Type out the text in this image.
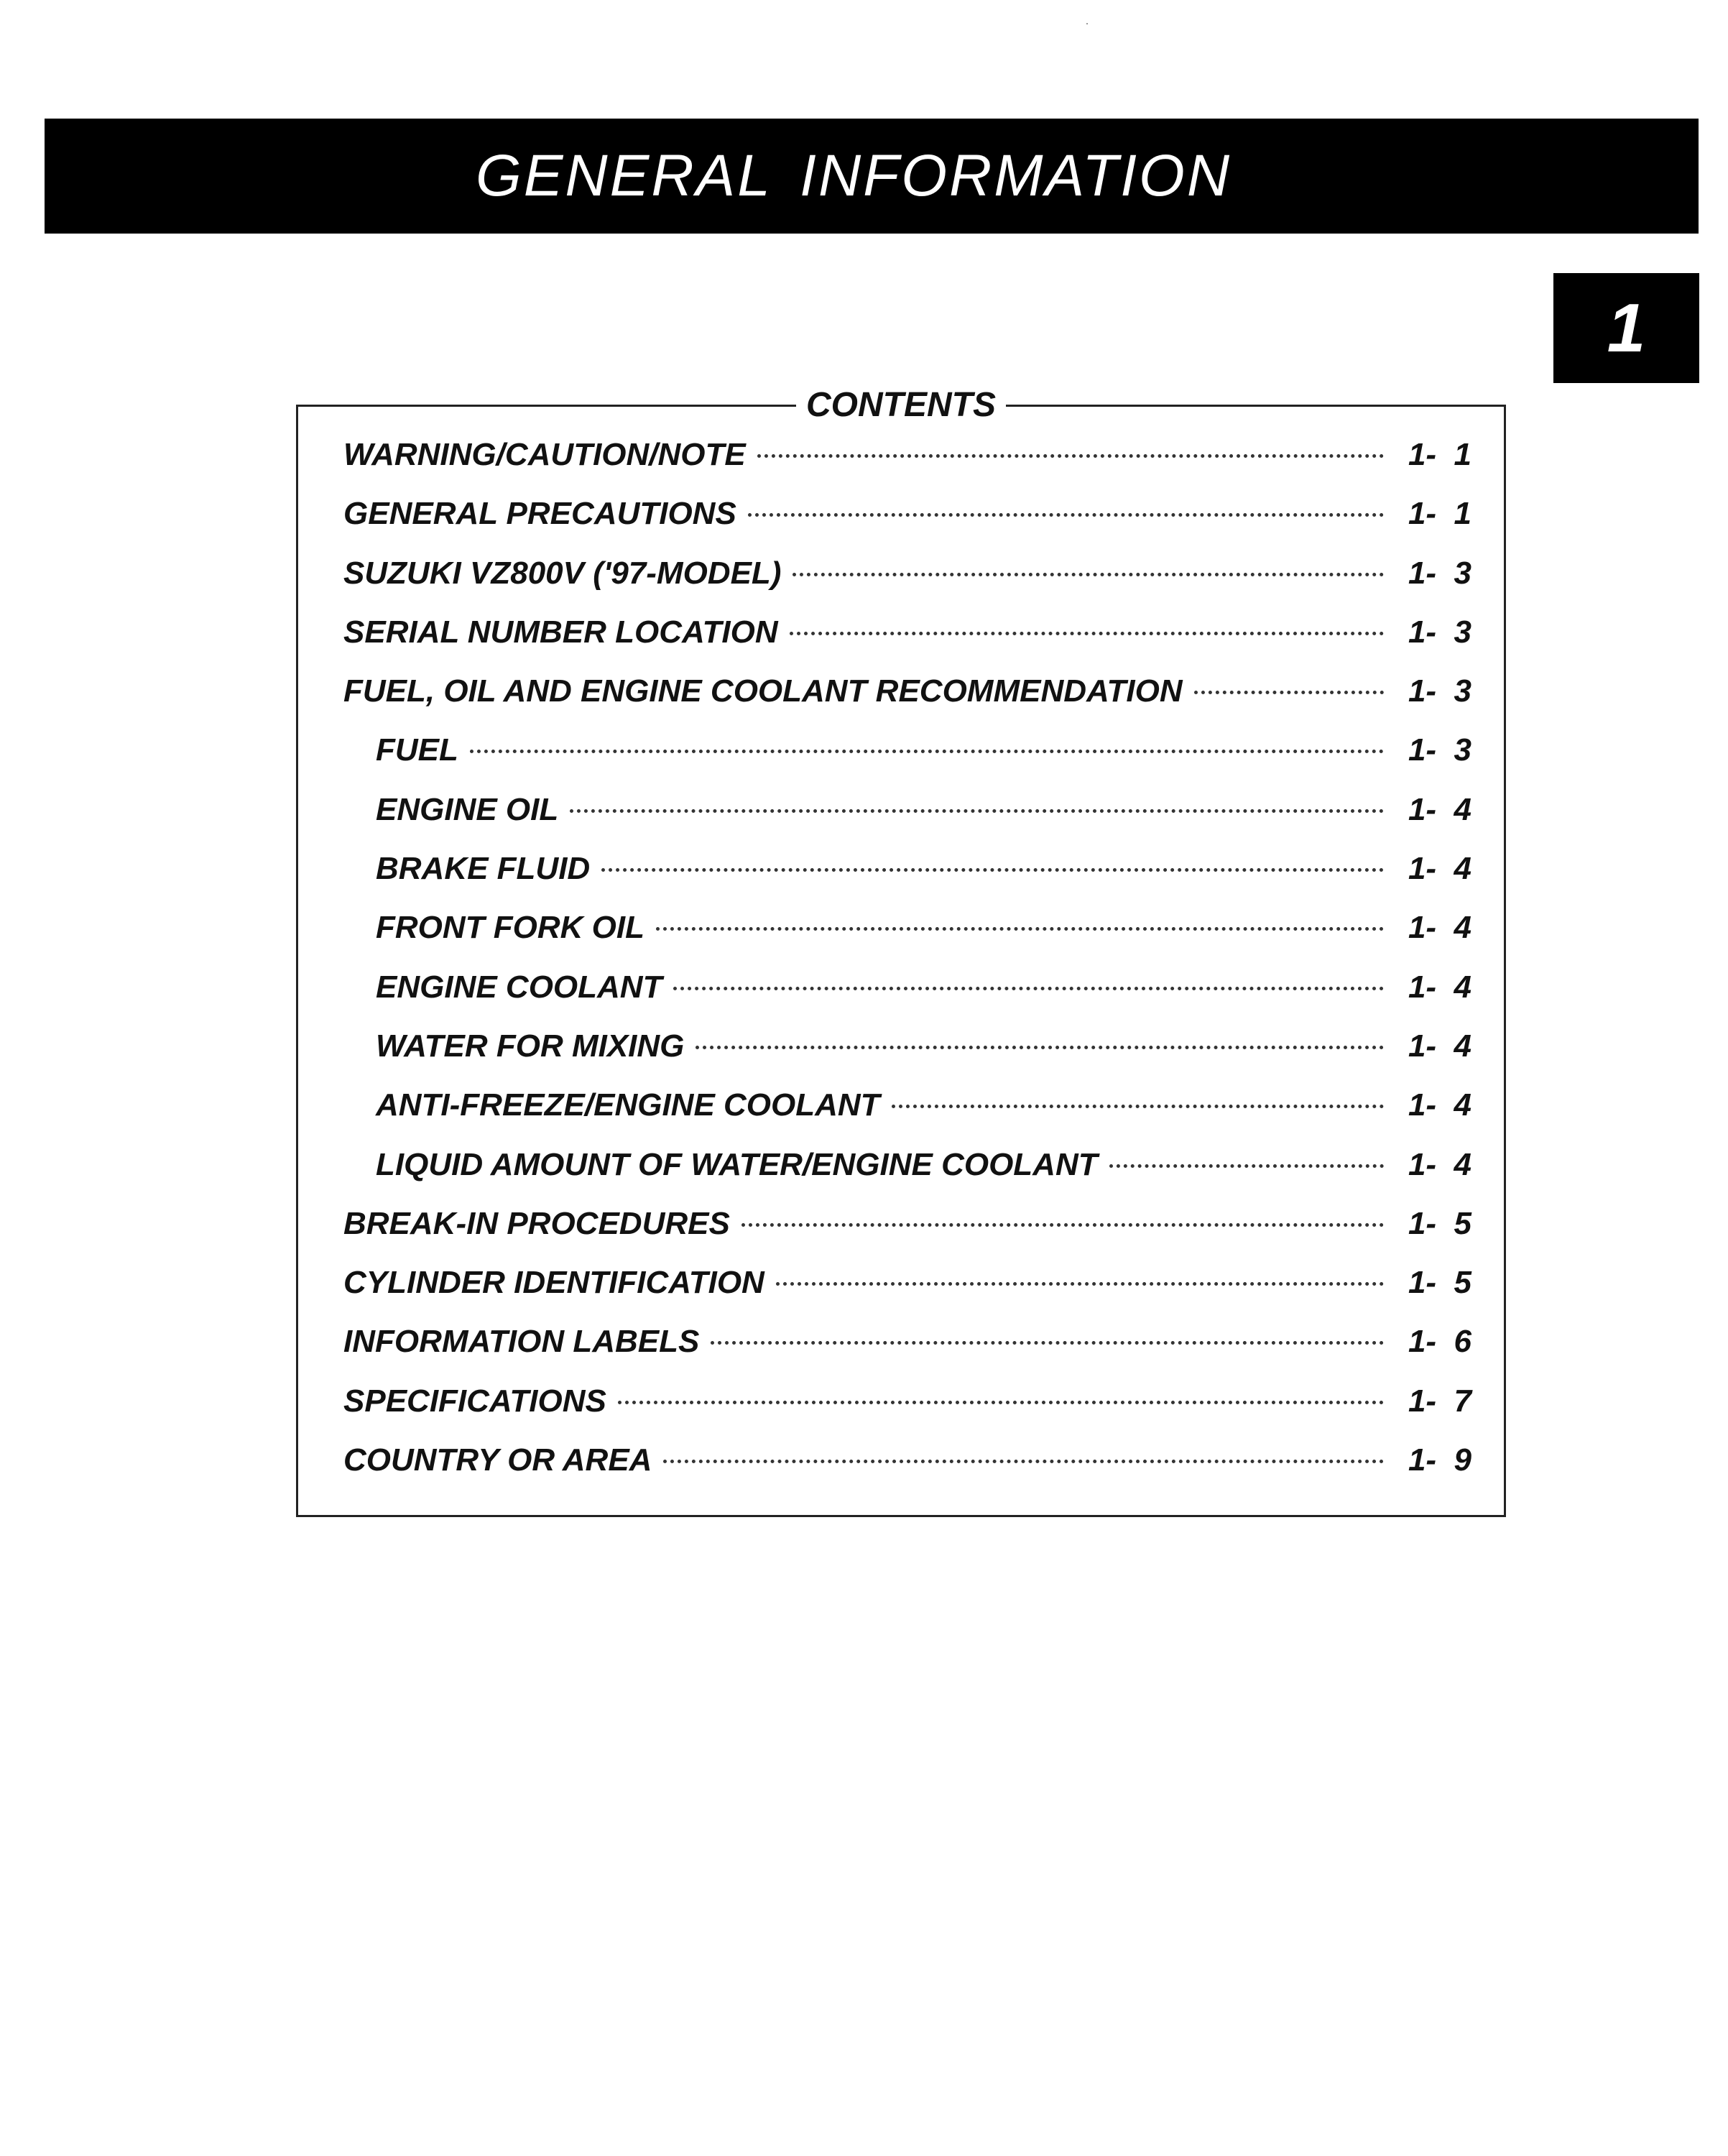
GENERAL INFORMATION
1
CONTENTS
WARNING/CAUTION/NOTE	1-  1
GENERAL PRECAUTIONS	1-  1
SUZUKI VZ800V ('97-MODEL)	1-  3
SERIAL NUMBER LOCATION	1-  3
FUEL, OIL AND ENGINE COOLANT RECOMMENDATION	1-  3
FUEL	1-  3
ENGINE OIL	1-  4
BRAKE FLUID	1-  4
FRONT FORK OIL	1-  4
ENGINE COOLANT	1-  4
WATER FOR MIXING	1-  4
ANTI-FREEZE/ENGINE COOLANT	1-  4
LIQUID AMOUNT OF WATER/ENGINE COOLANT	1-  4
BREAK-IN PROCEDURES	1-  5
CYLINDER IDENTIFICATION	1-  5
INFORMATION LABELS	1-  6
SPECIFICATIONS	1-  7
COUNTRY OR AREA	1-  9
